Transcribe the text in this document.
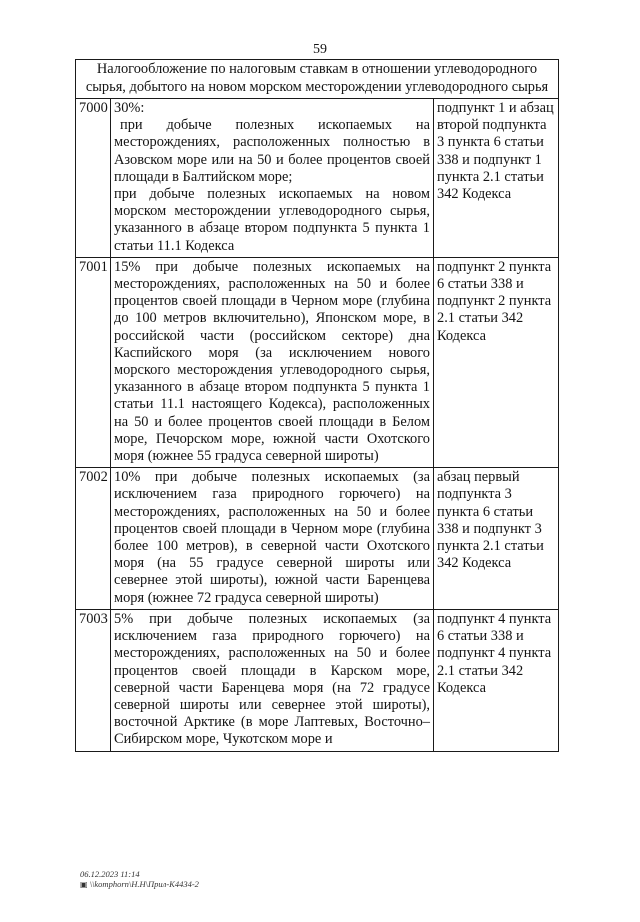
59
Налогообложение по налоговым ставкам в отношении углеводородного сырья, добытого на новом морском месторождении углеводородного сырья		
7000	30%:
при добыче полезных ископаемых на месторождениях, расположенных полностью в Азовском море или на 50 и более процентов своей площади в Балтийском море;
при добыче полезных ископаемых на новом морском месторождении углеводородного сырья, указанного в абзаце втором подпункта 5 пункта 1 статьи 11.1 Кодекса	подпункт 1 и абзац второй подпункта 3 пункта 6 статьи 338 и подпункт 1 пункта 2.1 статьи 342 Кодекса
7001	15% при добыче полезных ископаемых на месторождениях, расположенных на 50 и более процентов своей площади в Черном море (глубина до 100 метров включительно), Японском море, в российской части (российском секторе) дна Каспийского моря (за исключением нового морского месторождения углеводородного сырья, указанного в абзаце втором подпункта 5 пункта 1 статьи 11.1 настоящего Кодекса), расположенных на 50 и более процентов своей площади в Белом море, Печорском море, южной части Охотского моря (южнее 55 градуса северной широты)	подпункт 2 пункта 6 статьи 338 и подпункт 2 пункта 2.1 статьи 342 Кодекса
7002	10% при добыче полезных ископаемых (за исключением газа природного горючего) на месторождениях, расположенных на 50 и более процентов своей площади в Черном море (глубина более 100 метров), в северной части Охотского моря (на 55 градусе северной широты или севернее этой широты), южной части Баренцева моря (южнее 72 градуса северной широты)	абзац первый подпункта 3 пункта 6 статьи 338 и подпункт 3 пункта 2.1 статьи 342 Кодекса
7003	5% при добыче полезных ископаемых (за исключением газа природного горючего) на месторождениях, расположенных на 50 и более процентов своей площади в Карском море, северной части Баренцева моря (на 72 градусе северной широты или севернее этой широты), восточной Арктике (в море Лаптевых, Восточно–Сибирском море, Чукотском море и	подпункт 4 пункта 6 статьи 338 и подпункт 4 пункта 2.1 статьи 342 Кодекса
06.12.2023 11:14
▣ \\komphorn\Н.Н\Прил-К4434-2
